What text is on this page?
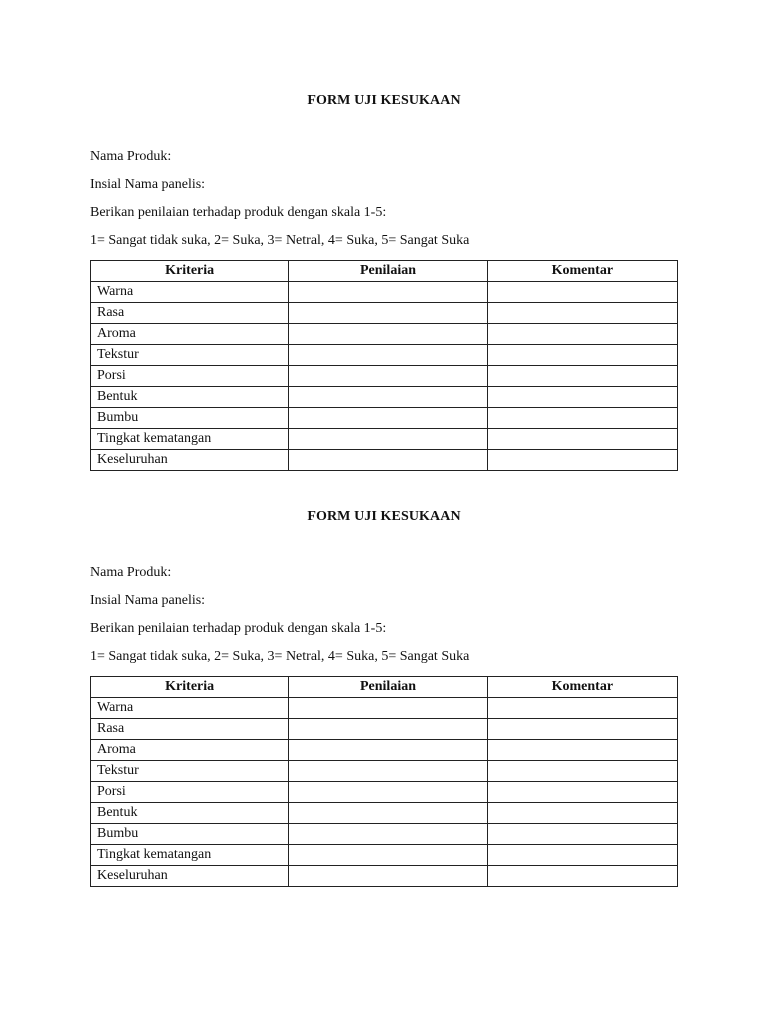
FORM UJI KESUKAAN
Nama Produk:
Insial Nama panelis:
Berikan penilaian terhadap produk dengan skala 1-5:
1= Sangat tidak suka, 2= Suka, 3= Netral, 4= Suka, 5= Sangat Suka
Kriteria	Penilaian	Komentar
Warna		
Rasa		
Aroma		
Tekstur		
Porsi		
Bentuk		
Bumbu		
Tingkat kematangan		
Keseluruhan		
FORM UJI KESUKAAN
Nama Produk:
Insial Nama panelis:
Berikan penilaian terhadap produk dengan skala 1-5:
1= Sangat tidak suka, 2= Suka, 3= Netral, 4= Suka, 5= Sangat Suka
Kriteria	Penilaian	Komentar
Warna		
Rasa		
Aroma		
Tekstur		
Porsi		
Bentuk		
Bumbu		
Tingkat kematangan		
Keseluruhan		
